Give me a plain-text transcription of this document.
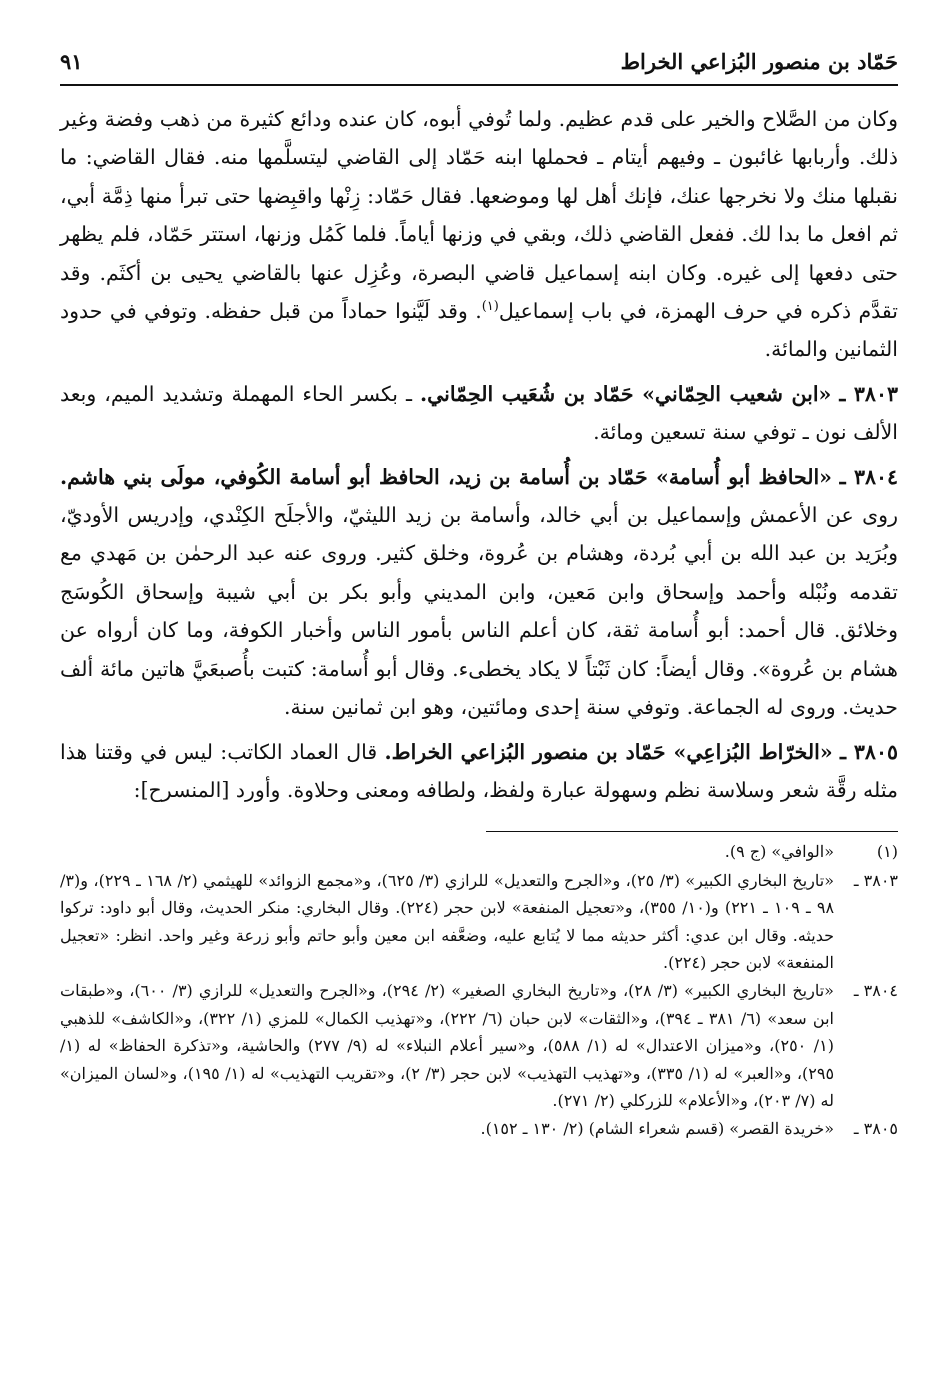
حَمّاد بن منصور البُزاعي الخراط
٩١

وكان من الصَّلاح والخير على قدم عظيم. ولما تُوفي أبوه، كان عنده ودائع كثيرة من ذهب وفضة وغير ذلك. وأربابها غائبون ـ وفيهم أيتام ـ فحملها ابنه حَمّاد إلى القاضي ليتسلَّمها منه. فقال القاضي: ما نقبلها منك ولا نخرجها عنك، فإنك أهل لها وموضعها. فقال حَمّاد: زِنْها واقبِضها حتى تبرأ منها ذِمَّة أبي، ثم افعل ما بدا لك. ففعل القاضي ذلك، وبقي في وزنها أياماً. فلما كَمُل وزنها، استتر حَمّاد، فلم يظهر حتى دفعها إلى غيره. وكان ابنه إسماعيل قاضي البصرة، وعُزِل عنها بالقاضي يحيى بن أكثَم. وقد تقدَّم ذكره في حرف الهمزة، في باب إسماعيل$^{(١)}$. وقد لَيَّنوا حماداً من قبل حفظه. وتوفي في حدود الثمانين والمائة.

٣٨٠٣ ـ «ابن شعيب الحِمّاني» حَمّاد بن شُعَيب الحِمّاني. ـ بكسر الحاء المهملة وتشديد الميم، وبعد الألف نون ـ توفي سنة تسعين ومائة.

٣٨٠٤ ـ «الحافظ أبو أُسامة» حَمّاد بن أُسامة بن زيد، الحافظ أبو أسامة الكُوفي، مولَى بني هاشم. روى عن الأعمش وإسماعيل بن أبي خالد، وأسامة بن زيد الليثيّ، والأجلَح الكِنْدي، وإدريس الأوديّ، وبُرَيد بن عبد الله بن أبي بُردة، وهشام بن عُروة، وخلق كثير. وروى عنه عبد الرحمٰن بن مَهدي مع تقدمه ونُبْله وأحمد وإسحاق وابن مَعين، وابن المديني وأبو بكر بن أبي شيبة وإسحاق الكُوسَج وخلائق. قال أحمد: أبو أُسامة ثقة، كان أعلم الناس بأمور الناس وأخبار الكوفة، وما كان أرواه عن هشام بن عُروة». وقال أيضاً: كان ثَبْتاً لا يكاد يخطىء. وقال أبو أُسامة: كتبت بأُصبعَيَّ هاتين مائة ألف حديث. وروى له الجماعة. وتوفي سنة إحدى ومائتين، وهو ابن ثمانين سنة.

٣٨٠٥ ـ «الخرّاط البُزاعِي» حَمّاد بن منصور البُزاعي الخراط. قال العماد الكاتب: ليس في وقتنا هذا مثله رقَّة شعر وسلاسة نظم وسهولة عبارة ولفظ، ولطافه ومعنى وحلاوة. وأورد [المنسرح]:

(١)
«الوافي» (ج ٩).
٣٨٠٣ ـ
«تاريخ البخاري الكبير» (٣/ ٢٥)، و«الجرح والتعديل» للرازي (٣/ ٦٢٥)، و«مجمع الزوائد» للهيثمي (٢/ ١٦٨ ـ ٢٢٩)، و(٣/ ٩٨ ـ ١٠٩ ـ ٢٢١) و(١٠/ ٣٥٥)، و«تعجيل المنفعة» لابن حجر (٢٢٤). وقال البخاري: منكر الحديث، وقال أبو داود: تركوا حديثه. وقال ابن عدي: أكثر حديثه مما لا يُتابع عليه، وضعَّفه ابن معين وأبو حاتم وأبو زرعة وغير واحد. انظر: «تعجيل المنفعة» لابن حجر (٢٢٤).
٣٨٠٤ ـ
«تاريخ البخاري الكبير» (٣/ ٢٨)، و«تاريخ البخاري الصغير» (٢/ ٢٩٤)، و«الجرح والتعديل» للرازي (٣/ ٦٠٠)، و«طبقات ابن سعد» (٦/ ٣٨١ ـ ٣٩٤)، و«الثقات» لابن حبان (٦/ ٢٢٢)، و«تهذيب الكمال» للمزي (١/ ٣٢٢)، و«الكاشف» للذهبي (١/ ٢٥٠)، و«ميزان الاعتدال» له (١/ ٥٨٨)، و«سير أعلام النبلاء» له (٩/ ٢٧٧) والحاشية، و«تذكرة الحفاظ» له (١/ ٢٩٥)، و«العبر» له (١/ ٣٣٥)، و«تهذيب التهذيب» لابن حجر (٣/ ٢)، و«تقريب التهذيب» له (١/ ١٩٥)، و«لسان الميزان» له (٧/ ٢٠٣)، و«الأعلام» للزركلي (٢/ ٢٧١).
٣٨٠٥ ـ
«خريدة القصر» (قسم شعراء الشام) (٢/ ١٣٠ ـ ١٥٢).
